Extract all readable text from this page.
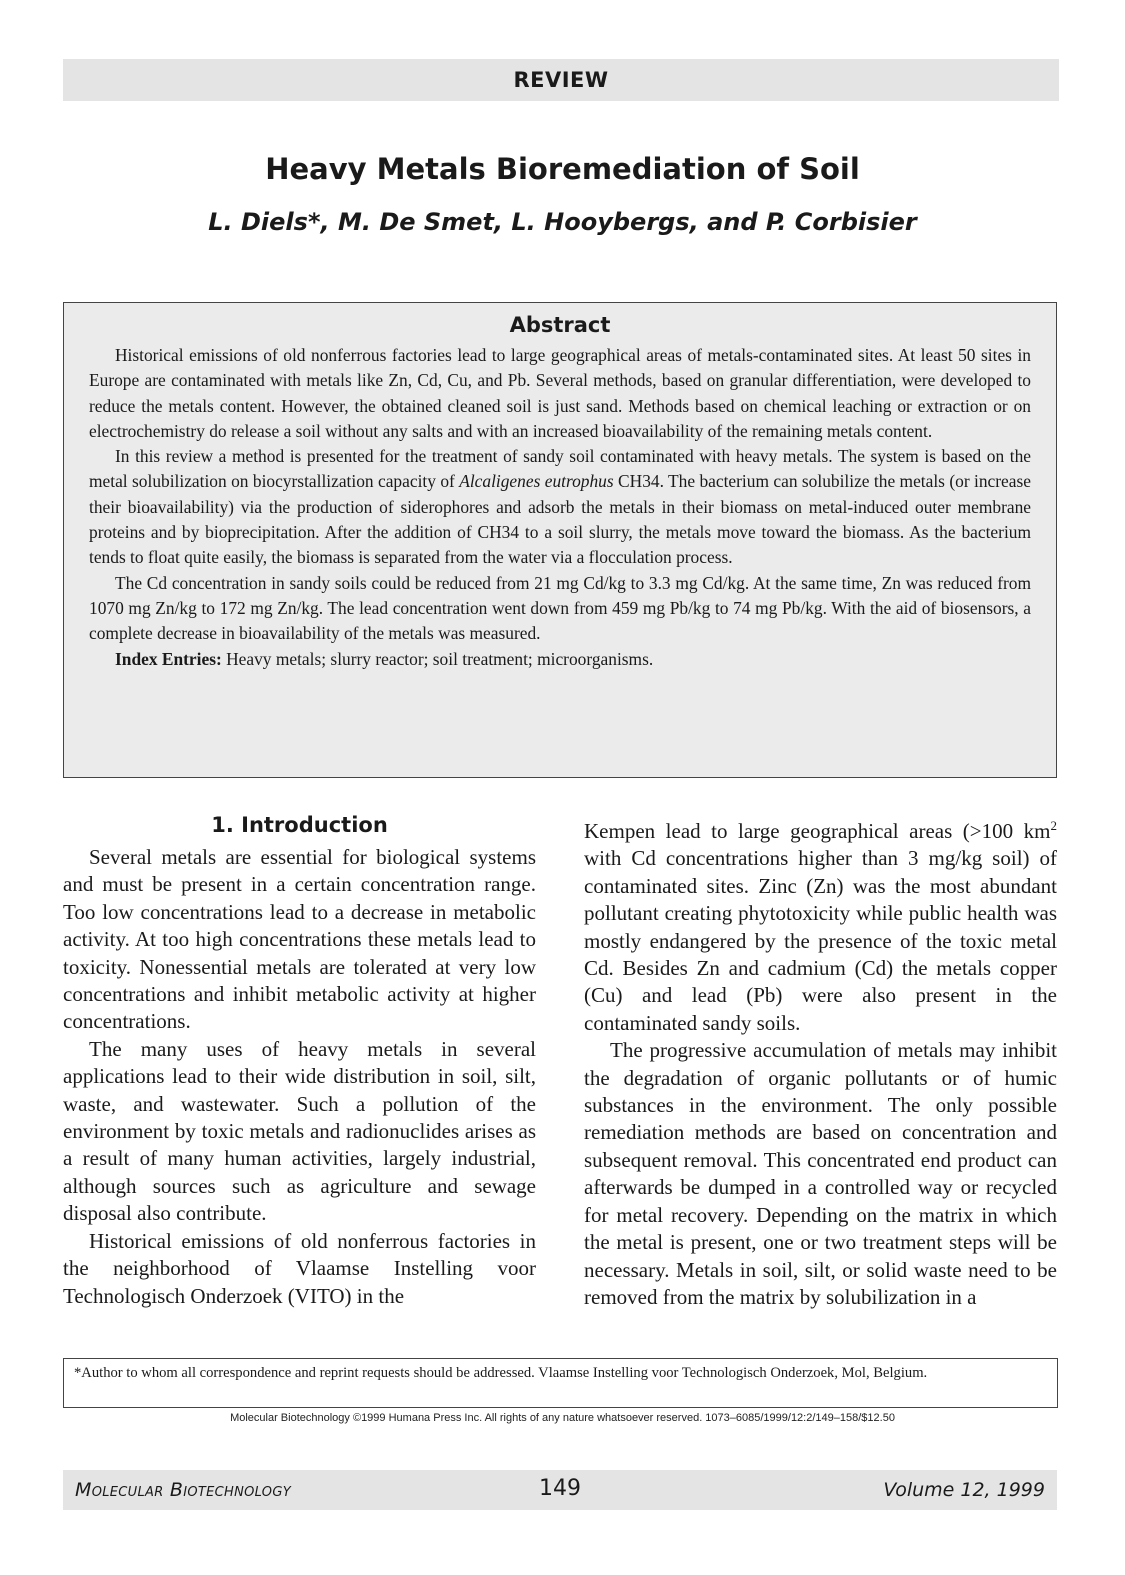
REVIEW
Heavy Metals Bioremediation of Soil
L. Diels*, M. De Smet, L. Hooybergs, and P. Corbisier
Abstract

Historical emissions of old nonferrous factories lead to large geographical areas of metals-contaminated sites. At least 50 sites in Europe are contaminated with metals like Zn, Cd, Cu, and Pb. Several methods, based on granular differentiation, were developed to reduce the metals content. However, the obtained cleaned soil is just sand. Methods based on chemical leaching or extraction or on electrochemistry do release a soil without any salts and with an increased bioavailability of the remaining metals content.

In this review a method is presented for the treatment of sandy soil contaminated with heavy metals. The system is based on the metal solubilization on biocyrstallization capacity of Alcaligenes eutrophus CH34. The bacterium can solubilize the metals (or increase their bioavailability) via the production of siderophores and adsorb the metals in their biomass on metal-induced outer membrane proteins and by bioprecipitation. After the addition of CH34 to a soil slurry, the metals move toward the biomass. As the bacterium tends to float quite easily, the biomass is separated from the water via a flocculation process.

The Cd concentration in sandy soils could be reduced from 21 mg Cd/kg to 3.3 mg Cd/kg. At the same time, Zn was reduced from 1070 mg Zn/kg to 172 mg Zn/kg. The lead concentration went down from 459 mg Pb/kg to 74 mg Pb/kg. With the aid of biosensors, a complete decrease in bioavailability of the metals was measured.

Index Entries: Heavy metals; slurry reactor; soil treatment; microorganisms.

1. Introduction

Several metals are essential for biological systems and must be present in a certain concentration range. Too low concentrations lead to a decrease in metabolic activity. At too high concentrations these metals lead to toxicity. Nonessential metals are tolerated at very low concentrations and inhibit metabolic activity at higher concentrations.

The many uses of heavy metals in several applications lead to their wide distribution in soil, silt, waste, and wastewater. Such a pollution of the environment by toxic metals and radionuclides arises as a result of many human activities, largely industrial, although sources such as agriculture and sewage disposal also contribute.

Historical emissions of old nonferrous factories in the neighborhood of Vlaamse Instelling voor Technologisch Onderzoek (VITO) in the

Kempen lead to large geographical areas (>100 $km^2$ with Cd concentrations higher than 3 mg/kg soil) of contaminated sites. Zinc (Zn) was the most abundant pollutant creating phytotoxicity while public health was mostly endangered by the presence of the toxic metal Cd. Besides Zn and cadmium (Cd) the metals copper (Cu) and lead (Pb) were also present in the contaminated sandy soils.

The progressive accumulation of metals may inhibit the degradation of organic pollutants or of humic substances in the environment. The only possible remediation methods are based on concentration and subsequent removal. This concentrated end product can afterwards be dumped in a controlled way or recycled for metal recovery. Depending on the matrix in which the metal is present, one or two treatment steps will be necessary. Metals in soil, silt, or solid waste need to be removed from the matrix by solubilization in a

*Author to whom all correspondence and reprint requests should be addressed. Vlaamse Instelling voor Technologisch Onderzoek, Mol, Belgium.
Molecular Biotechnology ©1999 Humana Press Inc. All rights of any nature whatsoever reserved. 1073–6085/1999/12:2/149–158/$12.50
Molecular Biotechnology	149	Volume 12, 1999
